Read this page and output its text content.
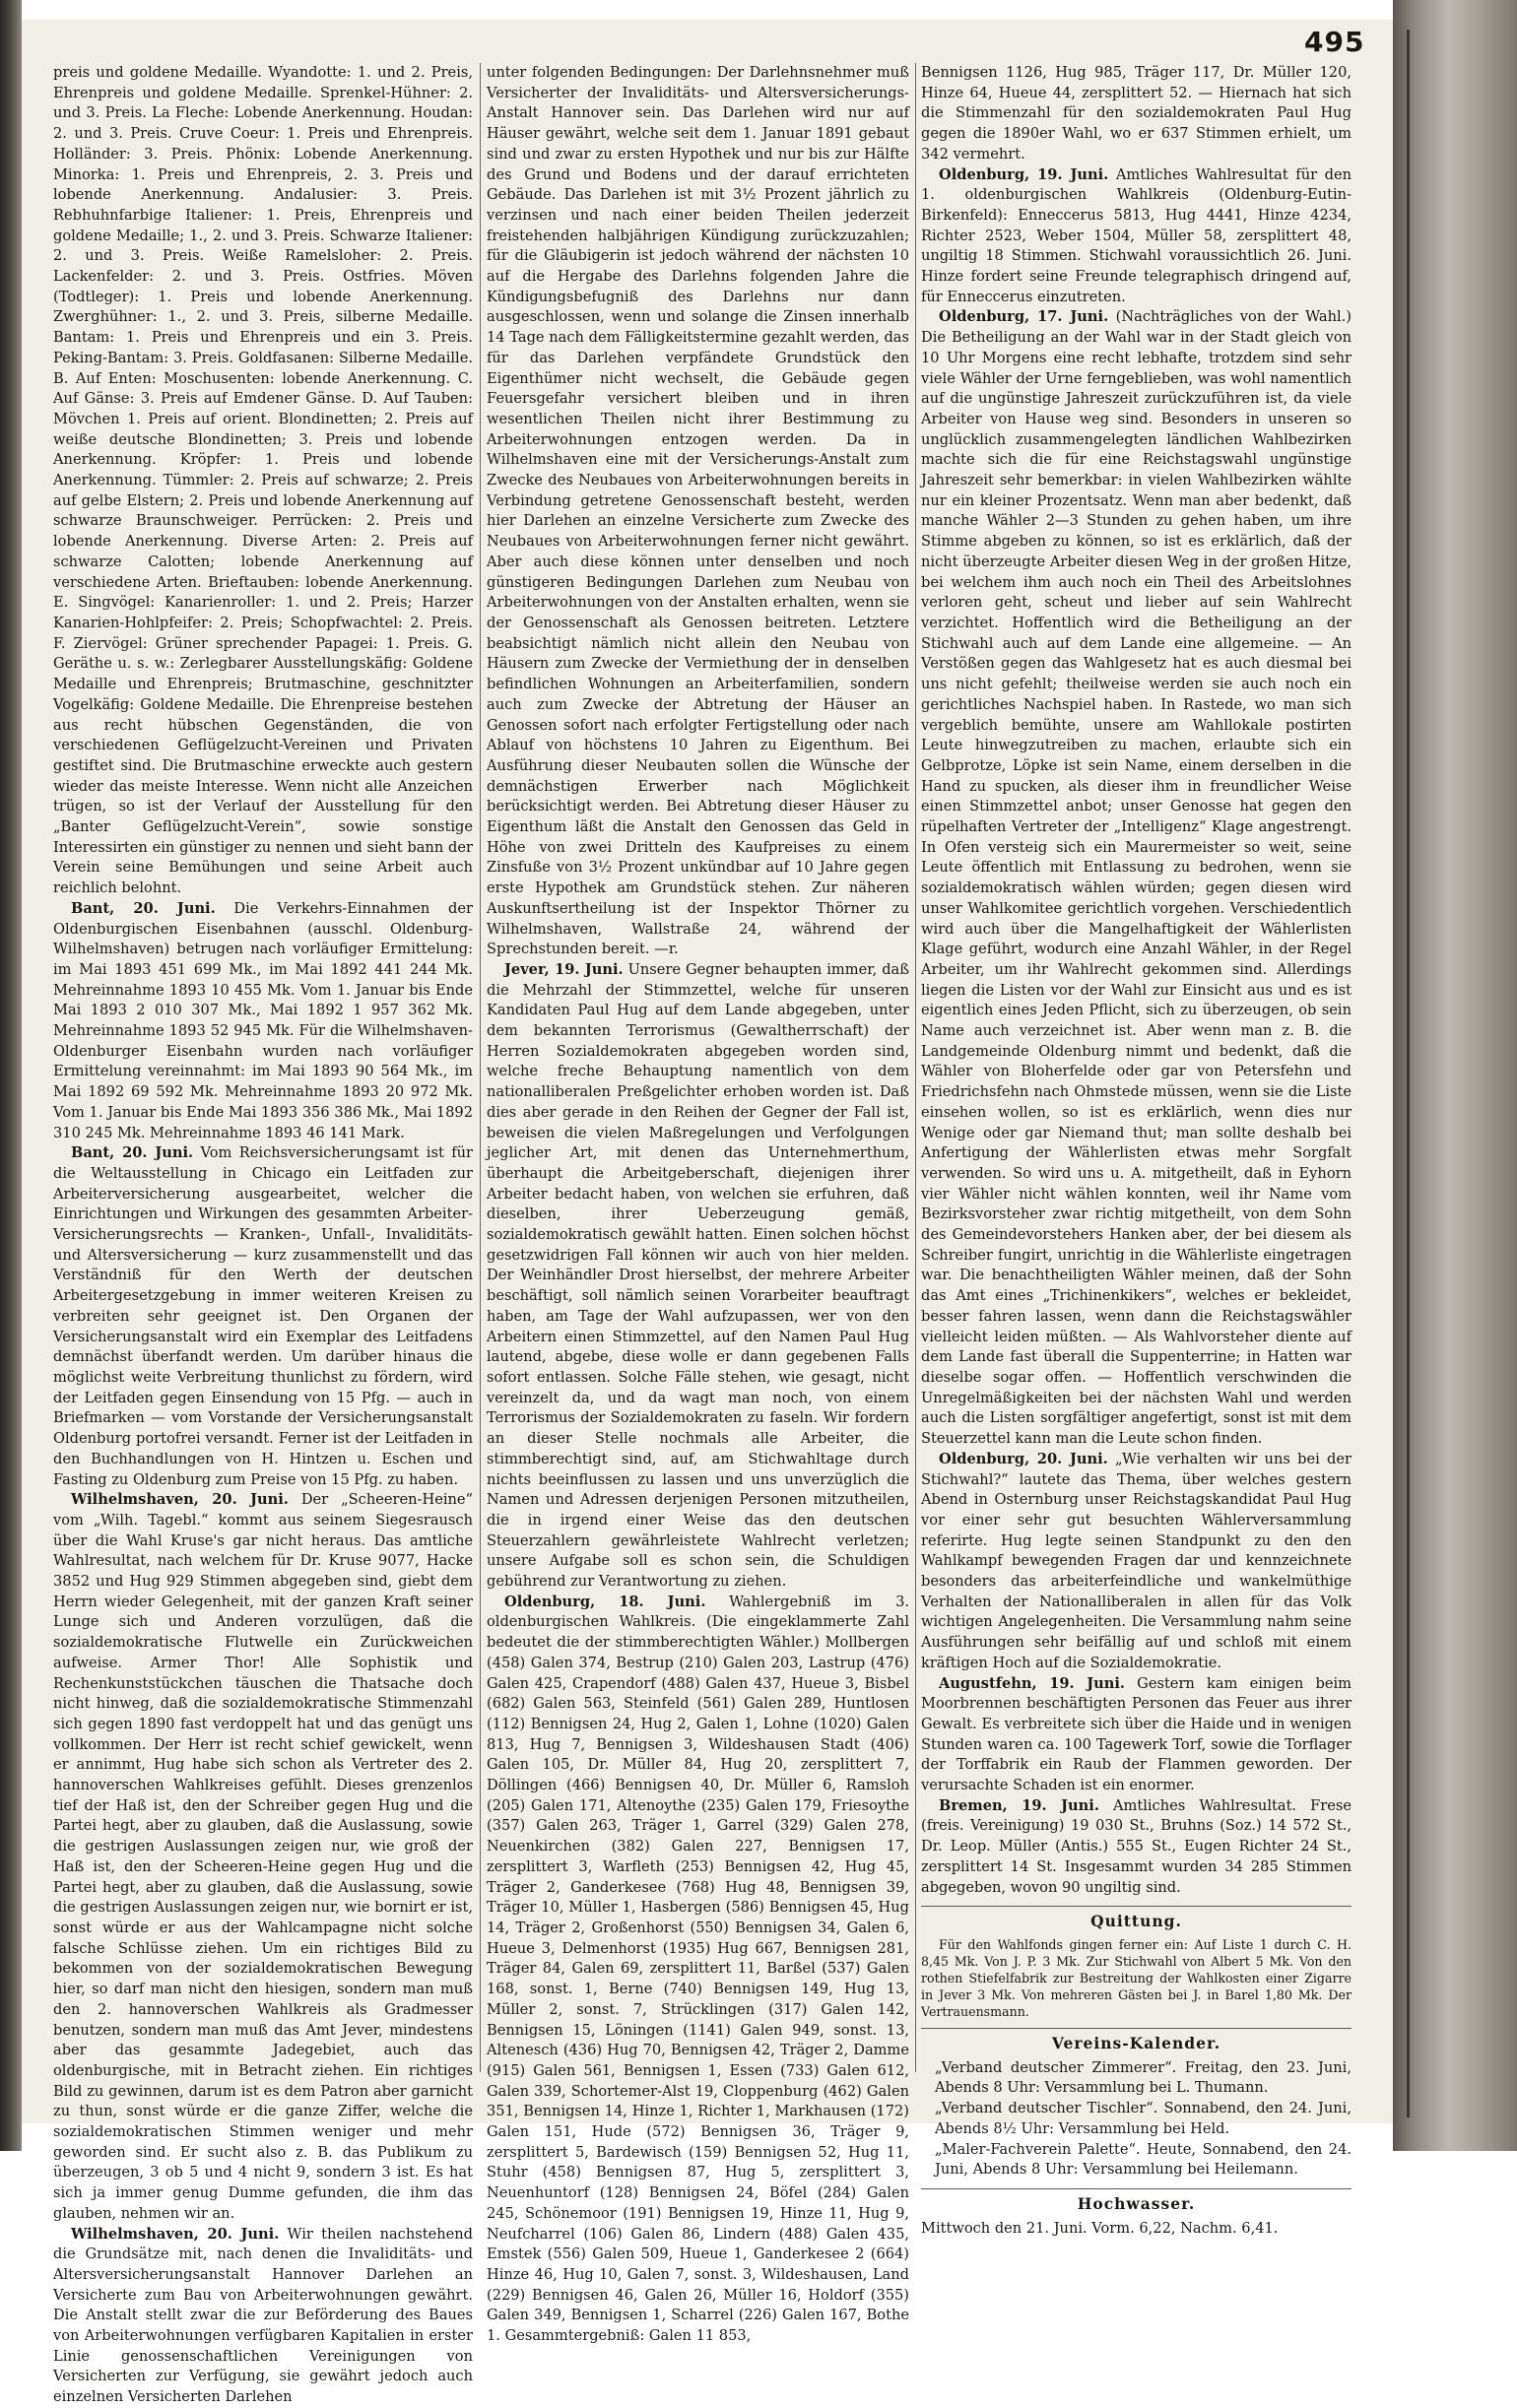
495

preis und goldene Medaille. Wyandotte: 1. und 2. Preis, Ehrenpreis und goldene Medaille. Sprenkel-Hühner: 2. und 3. Preis. La Fleche: Lobende Anerkennung. Houdan: 2. und 3. Preis. Cruve Coeur: 1. Preis und Ehrenpreis. Holländer: 3. Preis. Phönix: Lobende Anerkennung. Minorka: 1. Preis und Ehrenpreis, 2. 3. Preis und lobende Anerkennung. Andalusier: 3. Preis. Rebhuhnfarbige Italiener: 1. Preis, Ehrenpreis und goldene Medaille; 1., 2. und 3. Preis. Schwarze Italiener: 2. und 3. Preis. Weiße Ramelsloher: 2. Preis. Lackenfelder: 2. und 3. Preis. Ostfries. Möven (Todtleger): 1. Preis und lobende Anerkennung. Zwerghühner: 1., 2. und 3. Preis, silberne Medaille. Bantam: 1. Preis und Ehrenpreis und ein 3. Preis. Peking-Bantam: 3. Preis. Goldfasanen: Silberne Medaille. B. Auf Enten: Moschusenten: lobende Anerkennung. C. Auf Gänse: 3. Preis auf Emdener Gänse. D. Auf Tauben: Mövchen 1. Preis auf orient. Blondinetten; 2. Preis auf weiße deutsche Blondinetten; 3. Preis und lobende Anerkennung. Kröpfer: 1. Preis und lobende Anerkennung. Tümmler: 2. Preis auf schwarze; 2. Preis auf gelbe Elstern; 2. Preis und lobende Anerkennung auf schwarze Braunschweiger. Perrücken: 2. Preis und lobende Anerkennung. Diverse Arten: 2. Preis auf schwarze Calotten; lobende Anerkennung auf verschiedene Arten. Brieftauben: lobende Anerkennung. E. Singvögel: Kanarienroller: 1. und 2. Preis; Harzer Kanarien-Hohlpfeifer: 2. Preis; Schopfwachtel: 2. Preis. F. Ziervögel: Grüner sprechender Papagei: 1. Preis. G. Geräthe u. s. w.: Zerlegbarer Ausstellungskäfig: Goldene Medaille und Ehrenpreis; Brutmaschine, geschnitzter Vogelkäfig: Goldene Medaille. Die Ehrenpreise bestehen aus recht hübschen Gegenständen, die von verschiedenen Geflügelzucht-Vereinen und Privaten gestiftet sind. Die Brutmaschine erweckte auch gestern wieder das meiste Interesse. Wenn nicht alle Anzeichen trügen, so ist der Verlauf der Ausstellung für den „Banter Geflügelzucht-Verein“, sowie sonstige Interessirten ein günstiger zu nennen und sieht bann der Verein seine Bemühungen und seine Arbeit auch reichlich belohnt.

Bant, 20. Juni. Die Verkehrs-Einnahmen der Oldenburgischen Eisenbahnen (ausschl. Oldenburg-Wilhelmshaven) betrugen nach vorläufiger Ermittelung: im Mai 1893 451 699 Mk., im Mai 1892 441 244 Mk. Mehreinnahme 1893 10 455 Mk. Vom 1. Januar bis Ende Mai 1893 2 010 307 Mk., Mai 1892 1 957 362 Mk. Mehreinnahme 1893 52 945 Mk. Für die Wilhelmshaven-Oldenburger Eisenbahn wurden nach vorläufiger Ermittelung vereinnahmt: im Mai 1893 90 564 Mk., im Mai 1892 69 592 Mk. Mehreinnahme 1893 20 972 Mk. Vom 1. Januar bis Ende Mai 1893 356 386 Mk., Mai 1892 310 245 Mk. Mehreinnahme 1893 46 141 Mark.

Bant, 20. Juni. Vom Reichsversicherungsamt ist für die Weltausstellung in Chicago ein Leitfaden zur Arbeiterversicherung ausgearbeitet, welcher die Einrichtungen und Wirkungen des gesammten Arbeiter-Versicherungsrechts — Kranken-, Unfall-, Invaliditäts- und Altersversicherung — kurz zusammenstellt und das Verständniß für den Werth der deutschen Arbeitergesetzgebung in immer weiteren Kreisen zu verbreiten sehr geeignet ist. Den Organen der Versicherungsanstalt wird ein Exemplar des Leitfadens demnächst überfandt werden. Um darüber hinaus die möglichst weite Verbreitung thunlichst zu fördern, wird der Leitfaden gegen Einsendung von 15 Pfg. — auch in Briefmarken — vom Vorstande der Versicherungsanstalt Oldenburg portofrei versandt. Ferner ist der Leitfaden in den Buchhandlungen von H. Hintzen u. Eschen und Fasting zu Oldenburg zum Preise von 15 Pfg. zu haben.

Wilhelmshaven, 20. Juni. Der „Scheeren-Heine“ vom „Wilh. Tagebl.“ kommt aus seinem Siegesrausch über die Wahl Kruse's gar nicht heraus. Das amtliche Wahlresultat, nach welchem für Dr. Kruse 9077, Hacke 3852 und Hug 929 Stimmen abgegeben sind, giebt dem Herrn wieder Gelegenheit, mit der ganzen Kraft seiner Lunge sich und Anderen vorzulügen, daß die sozialdemokratische Flutwelle ein Zurückweichen aufweise. Armer Thor! Alle Sophistik und Rechenkunststückchen täuschen die Thatsache doch nicht hinweg, daß die sozialdemokratische Stimmenzahl sich gegen 1890 fast verdoppelt hat und das genügt uns vollkommen. Der Herr ist recht schief gewickelt, wenn er annimmt, Hug habe sich schon als Vertreter des 2. hannoverschen Wahlkreises gefühlt. Dieses grenzenlos tief der Haß ist, den der Schreiber gegen Hug und die Partei hegt, aber zu glauben, daß die Auslassung, sowie die gestrigen Auslassungen zeigen nur, wie groß der Haß ist, den der Scheeren-Heine gegen Hug und die Partei hegt, aber zu glauben, daß die Auslassung, sowie die gestrigen Auslassungen zeigen nur, wie bornirt er ist, sonst würde er aus der Wahlcampagne nicht solche falsche Schlüsse ziehen. Um ein richtiges Bild zu bekommen von der sozialdemokratischen Bewegung hier, so darf man nicht den hiesigen, sondern man muß den 2. hannoverschen Wahlkreis als Gradmesser benutzen, sondern man muß das Amt Jever, mindestens aber das gesammte Jadegebiet, auch das oldenburgische, mit in Betracht ziehen. Ein richtiges Bild zu gewinnen, darum ist es dem Patron aber garnicht zu thun, sonst würde er die ganze Ziffer, welche die sozialdemokratischen Stimmen weniger und mehr geworden sind. Er sucht also z. B. das Publikum zu überzeugen, 3 ob 5 und 4 nicht 9, sondern 3 ist. Es hat sich ja immer genug Dumme gefunden, die ihm das glauben, nehmen wir an.

Wilhelmshaven, 20. Juni. Wir theilen nachstehend die Grundsätze mit, nach denen die Invaliditäts- und Altersversicherungsanstalt Hannover Darlehen an Versicherte zum Bau von Arbeiterwohnungen gewährt. Die Anstalt stellt zwar die zur Beförderung des Baues von Arbeiterwohnungen verfügbaren Kapitalien in erster Linie genossenschaftlichen Vereinigungen von Versicherten zur Verfügung, sie gewährt jedoch auch einzelnen Versicherten Darlehen

unter folgenden Bedingungen: Der Darlehnsnehmer muß Versicherter der Invaliditäts- und Altersversicherungs-Anstalt Hannover sein. Das Darlehen wird nur auf Häuser gewährt, welche seit dem 1. Januar 1891 gebaut sind und zwar zu ersten Hypothek und nur bis zur Hälfte des Grund und Bodens und der darauf errichteten Gebäude. Das Darlehen ist mit 3½ Prozent jährlich zu verzinsen und nach einer beiden Theilen jederzeit freistehenden halbjährigen Kündigung zurückzuzahlen; für die Gläubigerin ist jedoch während der nächsten 10 auf die Hergabe des Darlehns folgenden Jahre die Kündigungsbefugniß des Darlehns nur dann ausgeschlossen, wenn und solange die Zinsen innerhalb 14 Tage nach dem Fälligkeitstermine gezahlt werden, das für das Darlehen verpfändete Grundstück den Eigenthümer nicht wechselt, die Gebäude gegen Feuersgefahr versichert bleiben und in ihren wesentlichen Theilen nicht ihrer Bestimmung zu Arbeiterwohnungen entzogen werden. Da in Wilhelmshaven eine mit der Versicherungs-Anstalt zum Zwecke des Neubaues von Arbeiterwohnungen bereits in Verbindung getretene Genossenschaft besteht, werden hier Darlehen an einzelne Versicherte zum Zwecke des Neubaues von Arbeiterwohnungen ferner nicht gewährt. Aber auch diese können unter denselben und noch günstigeren Bedingungen Darlehen zum Neubau von Arbeiterwohnungen von der Anstalten erhalten, wenn sie der Genossenschaft als Genossen beitreten. Letztere beabsichtigt nämlich nicht allein den Neubau von Häusern zum Zwecke der Vermiethung der in denselben befindlichen Wohnungen an Arbeiterfamilien, sondern auch zum Zwecke der Abtretung der Häuser an Genossen sofort nach erfolgter Fertigstellung oder nach Ablauf von höchstens 10 Jahren zu Eigenthum. Bei Ausführung dieser Neubauten sollen die Wünsche der demnächstigen Erwerber nach Möglichkeit berücksichtigt werden. Bei Abtretung dieser Häuser zu Eigenthum läßt die Anstalt den Genossen das Geld in Höhe von zwei Dritteln des Kaufpreises zu einem Zinsfuße von 3½ Prozent unkündbar auf 10 Jahre gegen erste Hypothek am Grundstück stehen. Zur näheren Auskunftsertheilung ist der Inspektor Thörner zu Wilhelmshaven, Wallstraße 24, während der Sprechstunden bereit. —r.

Jever, 19. Juni. Unsere Gegner behaupten immer, daß die Mehrzahl der Stimmzettel, welche für unseren Kandidaten Paul Hug auf dem Lande abgegeben, unter dem bekannten Terrorismus (Gewaltherrschaft) der Herren Sozialdemokraten abgegeben worden sind, welche freche Behauptung namentlich von dem nationalliberalen Preßgelichter erhoben worden ist. Daß dies aber gerade in den Reihen der Gegner der Fall ist, beweisen die vielen Maßregelungen und Verfolgungen jeglicher Art, mit denen das Unternehmerthum, überhaupt die Arbeitgeberschaft, diejenigen ihrer Arbeiter bedacht haben, von welchen sie erfuhren, daß dieselben, ihrer Ueberzeugung gemäß, sozialdemokratisch gewählt hatten. Einen solchen höchst gesetzwidrigen Fall können wir auch von hier melden. Der Weinhändler Drost hierselbst, der mehrere Arbeiter beschäftigt, soll nämlich seinen Vorarbeiter beauftragt haben, am Tage der Wahl aufzupassen, wer von den Arbeitern einen Stimmzettel, auf den Namen Paul Hug lautend, abgebe, diese wolle er dann gegebenen Falls sofort entlassen. Solche Fälle stehen, wie gesagt, nicht vereinzelt da, und da wagt man noch, von einem Terrorismus der Sozialdemokraten zu faseln. Wir fordern an dieser Stelle nochmals alle Arbeiter, die stimmberechtigt sind, auf, am Stichwahltage durch nichts beeinflussen zu lassen und uns unverzüglich die Namen und Adressen derjenigen Personen mitzutheilen, die in irgend einer Weise das den deutschen Steuerzahlern gewährleistete Wahlrecht verletzen; unsere Aufgabe soll es schon sein, die Schuldigen gebührend zur Verantwortung zu ziehen.

Oldenburg, 18. Juni. Wahlergebniß im 3. oldenburgischen Wahlkreis. (Die eingeklammerte Zahl bedeutet die der stimmberechtigten Wähler.) Mollbergen (458) Galen 374, Bestrup (210) Galen 203, Lastrup (476) Galen 425, Crapendorf (488) Galen 437, Hueue 3, Bisbel (682) Galen 563, Steinfeld (561) Galen 289, Huntlosen (112) Bennigsen 24, Hug 2, Galen 1, Lohne (1020) Galen 813, Hug 7, Bennigsen 3, Wildeshausen Stadt (406) Galen 105, Dr. Müller 84, Hug 20, zersplittert 7, Döllingen (466) Bennigsen 40, Dr. Müller 6, Ramsloh (205) Galen 171, Altenoythe (235) Galen 179, Friesoythe (357) Galen 263, Träger 1, Garrel (329) Galen 278, Neuenkirchen (382) Galen 227, Bennigsen 17, zersplittert 3, Warfleth (253) Bennigsen 42, Hug 45, Träger 2, Ganderkesee (768) Hug 48, Bennigsen 39, Träger 10, Müller 1, Hasbergen (586) Bennigsen 45, Hug 14, Träger 2, Großenhorst (550) Bennigsen 34, Galen 6, Hueue 3, Delmenhorst (1935) Hug 667, Bennigsen 281, Träger 84, Galen 69, zersplittert 11, Barßel (537) Galen 168, sonst. 1, Berne (740) Bennigsen 149, Hug 13, Müller 2, sonst. 7, Strücklingen (317) Galen 142, Bennigsen 15, Löningen (1141) Galen 949, sonst. 13, Altenesch (436) Hug 70, Bennigsen 42, Träger 2, Damme (915) Galen 561, Bennigsen 1, Essen (733) Galen 612, Galen 339, Schortemer-Alst 19, Cloppenburg (462) Galen 351, Bennigsen 14, Hinze 1, Richter 1, Markhausen (172) Galen 151, Hude (572) Bennigsen 36, Träger 9, zersplittert 5, Bardewisch (159) Bennigsen 52, Hug 11, Stuhr (458) Bennigsen 87, Hug 5, zersplittert 3, Neuenhuntorf (128) Bennigsen 24, Böfel (284) Galen 245, Schönemoor (191) Bennigsen 19, Hinze 11, Hug 9, Neufcharrel (106) Galen 86, Lindern (488) Galen 435, Emstek (556) Galen 509, Hueue 1, Ganderkesee 2 (664) Hinze 46, Hug 10, Galen 7, sonst. 3, Wildeshausen, Land (229) Bennigsen 46, Galen 26, Müller 16, Holdorf (355) Galen 349, Bennigsen 1, Scharrel (226) Galen 167, Bothe 1. Gesammtergebniß: Galen 11 853,

Bennigsen 1126, Hug 985, Träger 117, Dr. Müller 120, Hinze 64, Hueue 44, zersplittert 52. — Hiernach hat sich die Stimmenzahl für den sozialdemokraten Paul Hug gegen die 1890er Wahl, wo er 637 Stimmen erhielt, um 342 vermehrt.

Oldenburg, 19. Juni. Amtliches Wahlresultat für den 1. oldenburgischen Wahlkreis (Oldenburg-Eutin-Birkenfeld): Enneccerus 5813, Hug 4441, Hinze 4234, Richter 2523, Weber 1504, Müller 58, zersplittert 48, ungiltig 18 Stimmen. Stichwahl voraussichtlich 26. Juni. Hinze fordert seine Freunde telegraphisch dringend auf, für Enneccerus einzutreten.

Oldenburg, 17. Juni. (Nachträgliches von der Wahl.) Die Betheiligung an der Wahl war in der Stadt gleich von 10 Uhr Morgens eine recht lebhafte, trotzdem sind sehr viele Wähler der Urne ferngeblieben, was wohl namentlich auf die ungünstige Jahreszeit zurückzuführen ist, da viele Arbeiter von Hause weg sind. Besonders in unseren so unglücklich zusammengelegten ländlichen Wahlbezirken machte sich die für eine Reichstagswahl ungünstige Jahreszeit sehr bemerkbar: in vielen Wahlbezirken wählte nur ein kleiner Prozentsatz. Wenn man aber bedenkt, daß manche Wähler 2—3 Stunden zu gehen haben, um ihre Stimme abgeben zu können, so ist es erklärlich, daß der nicht überzeugte Arbeiter diesen Weg in der großen Hitze, bei welchem ihm auch noch ein Theil des Arbeitslohnes verloren geht, scheut und lieber auf sein Wahlrecht verzichtet. Hoffentlich wird die Betheiligung an der Stichwahl auch auf dem Lande eine allgemeine. — An Verstößen gegen das Wahlgesetz hat es auch diesmal bei uns nicht gefehlt; theilweise werden sie auch noch ein gerichtliches Nachspiel haben. In Rastede, wo man sich vergeblich bemühte, unsere am Wahllokale postirten Leute hinwegzutreiben zu machen, erlaubte sich ein Gelbprotze, Löpke ist sein Name, einem derselben in die Hand zu spucken, als dieser ihm in freundlicher Weise einen Stimmzettel anbot; unser Genosse hat gegen den rüpelhaften Vertreter der „Intelligenz“ Klage angestrengt. In Ofen versteig sich ein Maurermeister so weit, seine Leute öffentlich mit Entlassung zu bedrohen, wenn sie sozialdemokratisch wählen würden; gegen diesen wird unser Wahlkomitee gerichtlich vorgehen. Verschiedentlich wird auch über die Mangelhaftigkeit der Wählerlisten Klage geführt, wodurch eine Anzahl Wähler, in der Regel Arbeiter, um ihr Wahlrecht gekommen sind. Allerdings liegen die Listen vor der Wahl zur Einsicht aus und es ist eigentlich eines Jeden Pflicht, sich zu überzeugen, ob sein Name auch verzeichnet ist. Aber wenn man z. B. die Landgemeinde Oldenburg nimmt und bedenkt, daß die Wähler von Bloherfelde oder gar von Petersfehn und Friedrichsfehn nach Ohmstede müssen, wenn sie die Liste einsehen wollen, so ist es erklärlich, wenn dies nur Wenige oder gar Niemand thut; man sollte deshalb bei Anfertigung der Wählerlisten etwas mehr Sorgfalt verwenden. So wird uns u. A. mitgetheilt, daß in Eyhorn vier Wähler nicht wählen konnten, weil ihr Name vom Bezirksvorsteher zwar richtig mitgetheilt, von dem Sohn des Gemeindevorstehers Hanken aber, der bei diesem als Schreiber fungirt, unrichtig in die Wählerliste eingetragen war. Die benachtheiligten Wähler meinen, daß der Sohn das Amt eines „Trichinenkikers“, welches er bekleidet, besser fahren lassen, wenn dann die Reichstagswähler vielleicht leiden müßten. — Als Wahlvorsteher diente auf dem Lande fast überall die Suppenterrine; in Hatten war dieselbe sogar offen. — Hoffentlich verschwinden die Unregelmäßigkeiten bei der nächsten Wahl und werden auch die Listen sorgfältiger angefertigt, sonst ist mit dem Steuerzettel kann man die Leute schon finden.

Oldenburg, 20. Juni. „Wie verhalten wir uns bei der Stichwahl?“ lautete das Thema, über welches gestern Abend in Osternburg unser Reichstagskandidat Paul Hug vor einer sehr gut besuchten Wählerversammlung referirte. Hug legte seinen Standpunkt zu den den Wahlkampf bewegenden Fragen dar und kennzeichnete besonders das arbeiterfeindliche und wankelmüthige Verhalten der Nationalliberalen in allen für das Volk wichtigen Angelegenheiten. Die Versammlung nahm seine Ausführungen sehr beifällig auf und schloß mit einem kräftigen Hoch auf die Sozialdemokratie.

Augustfehn, 19. Juni. Gestern kam einigen beim Moorbrennen beschäftigten Personen das Feuer aus ihrer Gewalt. Es verbreitete sich über die Haide und in wenigen Stunden waren ca. 100 Tagewerk Torf, sowie die Torflager der Torffabrik ein Raub der Flammen geworden. Der verursachte Schaden ist ein enormer.

Bremen, 19. Juni. Amtliches Wahlresultat. Frese (freis. Vereinigung) 19 030 St., Bruhns (Soz.) 14 572 St., Dr. Leop. Müller (Antis.) 555 St., Eugen Richter 24 St., zersplittert 14 St. Insgesammt wurden 34 285 Stimmen abgegeben, wovon 90 ungiltig sind.

Quittung.

Für den Wahlfonds gingen ferner ein: Auf Liste 1 durch C. H. 8,45 Mk. Von J. P. 3 Mk. Zur Stichwahl von Albert 5 Mk. Von den rothen Stiefelfabrik zur Bestreitung der Wahlkosten einer Zigarre in Jever 3 Mk. Von mehreren Gästen bei J. in Barel 1,80 Mk. Der Vertrauensmann.

Vereins-Kalender.

„Verband deutscher Zimmerer“. Freitag, den 23. Juni, Abends 8 Uhr: Versammlung bei L. Thumann.

„Verband deutscher Tischler“. Sonnabend, den 24. Juni, Abends 8½ Uhr: Versammlung bei Held.

„Maler-Fachverein Palette“. Heute, Sonnabend, den 24. Juni, Abends 8 Uhr: Versammlung bei Heilemann.

Hochwasser.

Mittwoch den 21. Juni. Vorm. 6,22, Nachm. 6,41.
